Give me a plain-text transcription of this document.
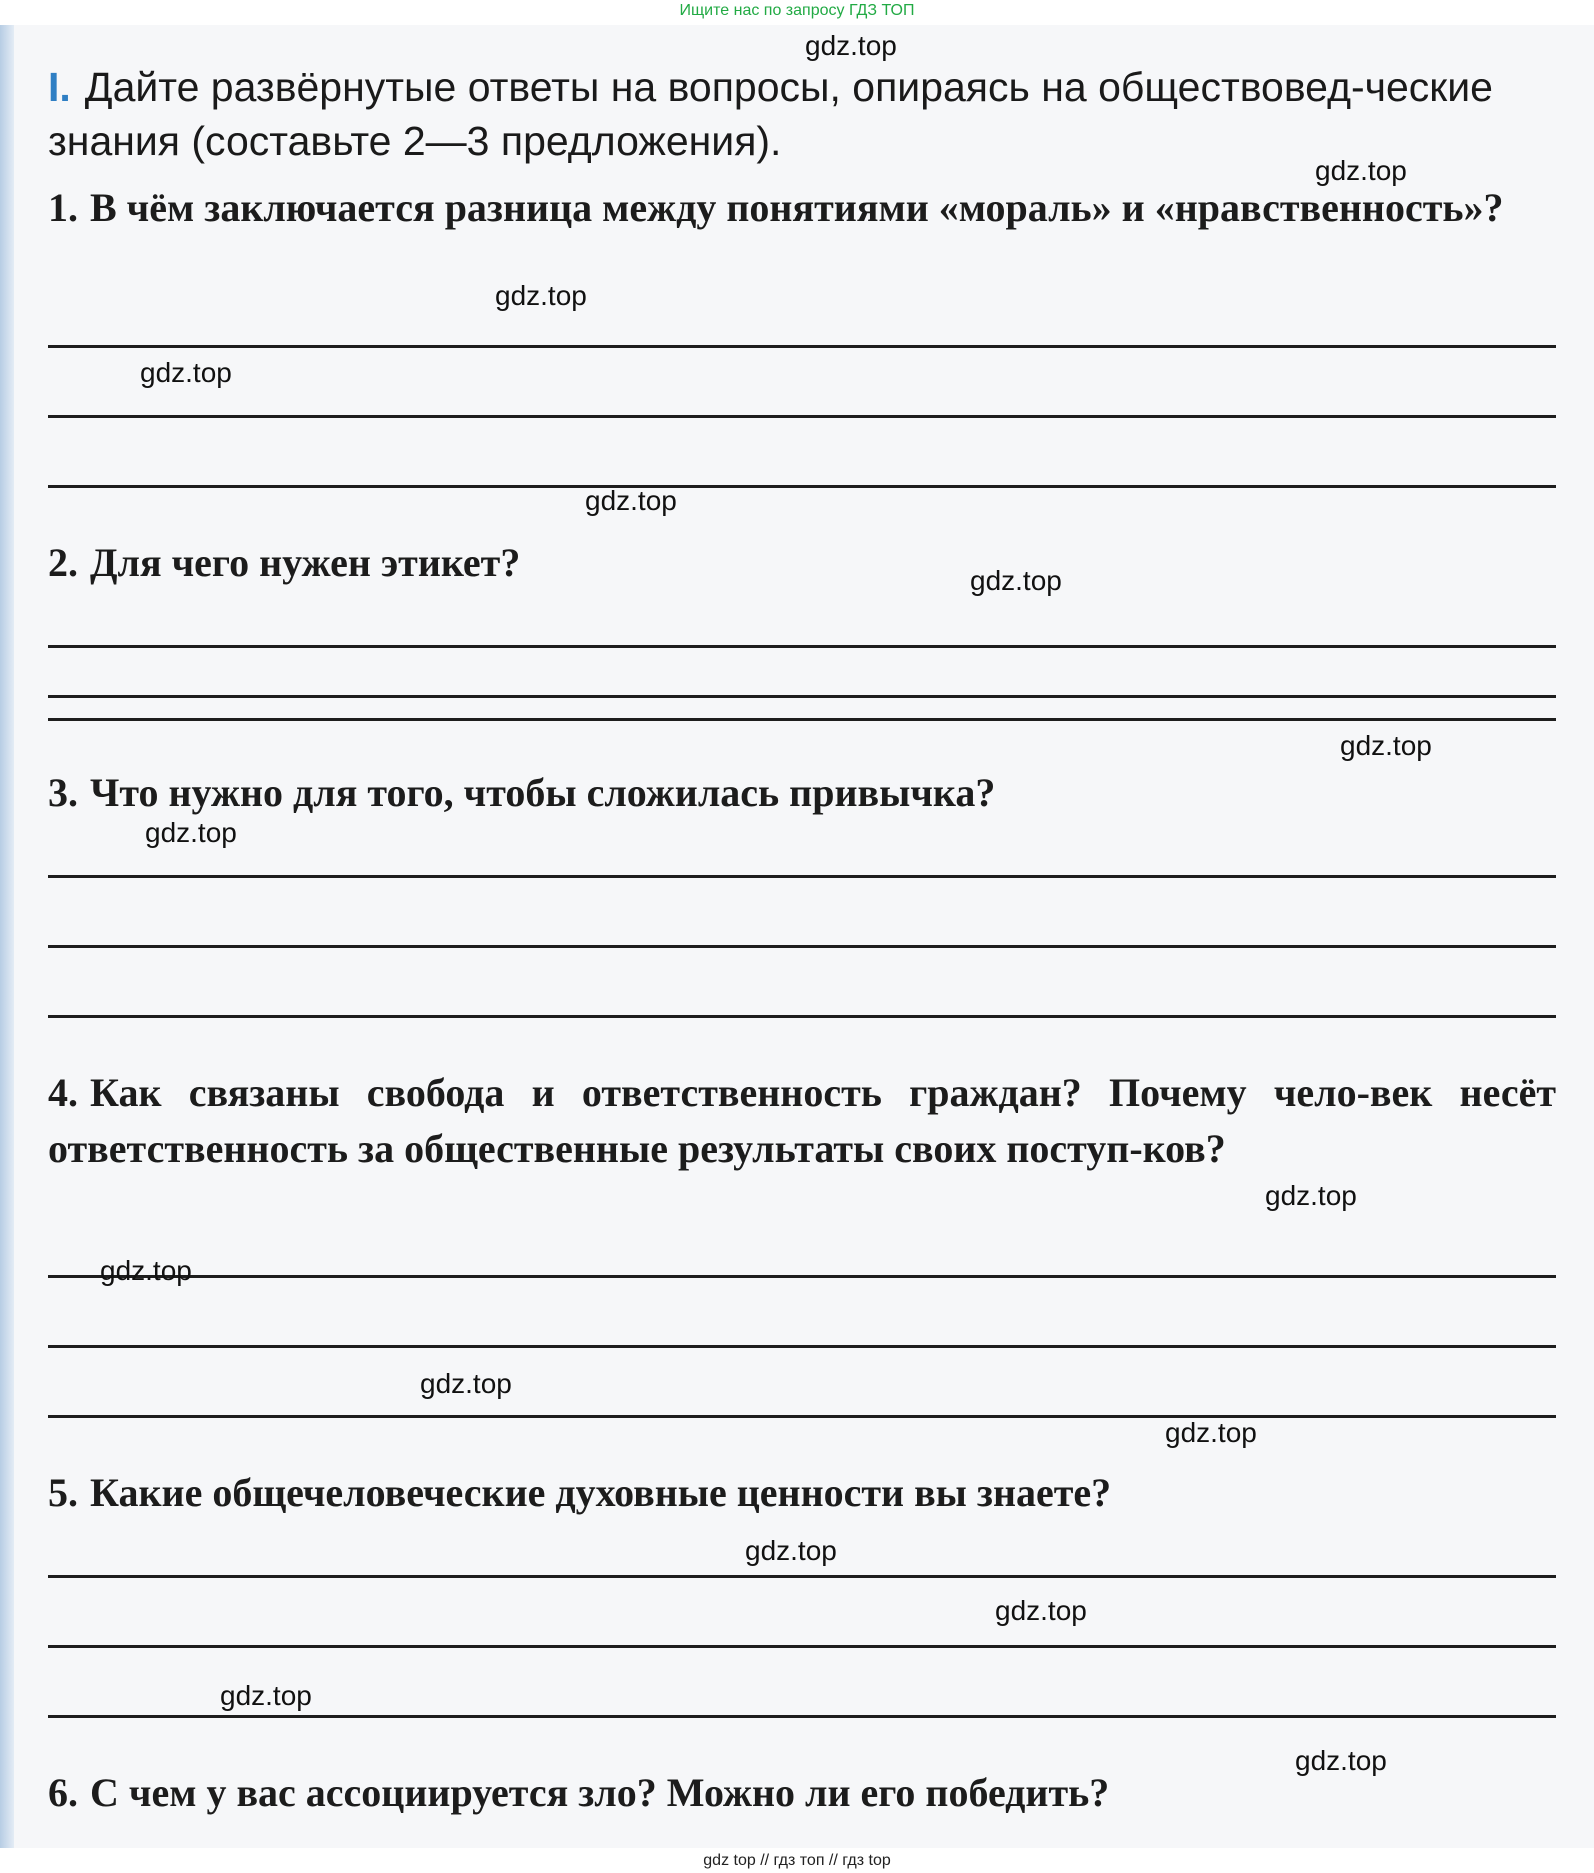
Ищите нас по запросу ГДЗ ТОП
I. Дайте развёрнутые ответы на вопросы, опираясь на обществовед-ческие знания (составьте 2—3 предложения).
1. В чём заключается разница между понятиями «мораль» и «нравственность»?
2. Для чего нужен этикет?
3. Что нужно для того, чтобы сложилась привычка?
4. Как связаны свобода и ответственность граждан? Почему чело-век несёт ответственность за общественные результаты своих поступ-ков?
5. Какие общечеловеческие духовные ценности вы знаете?
6. С чем у вас ассоциируется зло? Можно ли его победить?
gdz.top
gdz.top
gdz.top
gdz.top
gdz.top
gdz.top
gdz.top
gdz.top
gdz.top
gdz.top
gdz.top
gdz.top
gdz.top
gdz.top
gdz.top
gdz.top
gdz top // гдз топ // гдз top
